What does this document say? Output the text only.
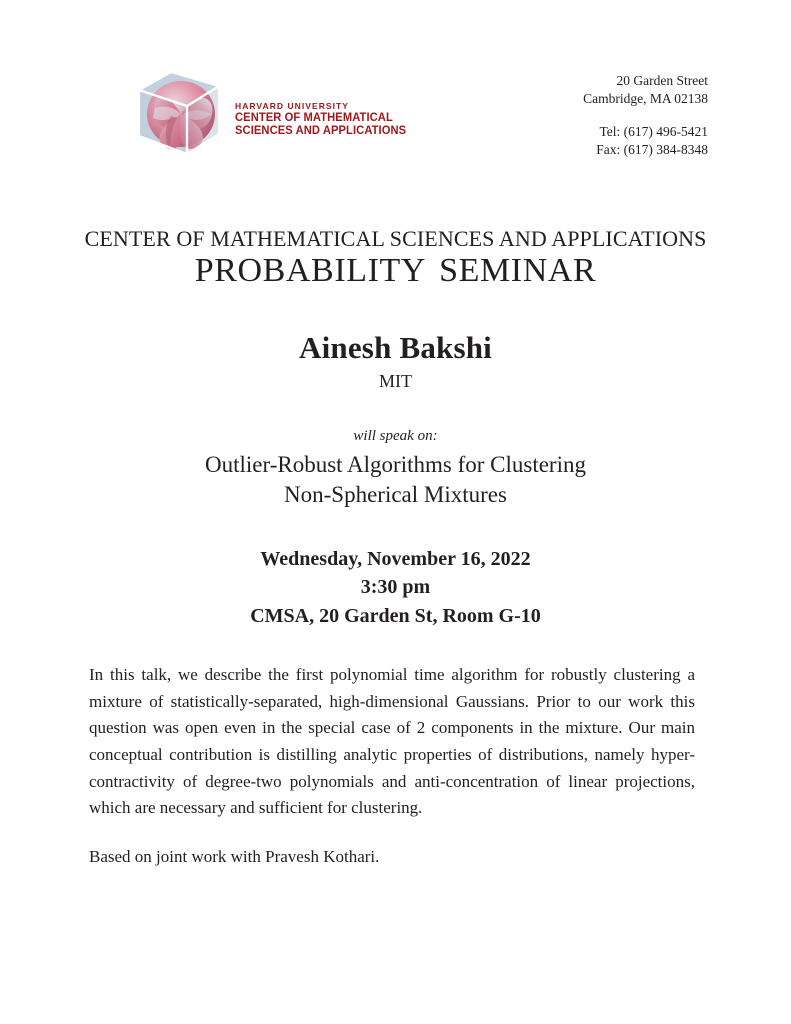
HARVARD UNIVERSITY
CENTER OF MATHEMATICAL
SCIENCES AND APPLICATIONS
20 Garden Street
Cambridge, MA 02138
Tel: (617) 496-5421
Fax: (617) 384-8348
CENTER OF MATHEMATICAL SCIENCES AND APPLICATIONS
PROBABILITY SEMINAR
Ainesh Bakshi
MIT
will speak on:
Outlier-Robust Algorithms for Clustering
Non-Spherical Mixtures
Wednesday, November 16, 2022
3:30 pm
CMSA, 20 Garden St, Room G-10

In this talk, we describe the first polynomial time algorithm for robustly clustering a mixture of statistically-separated, high-dimensional Gaussians. Prior to our work this question was open even in the special case of 2 components in the mixture. Our main conceptual contribution is distilling analytic properties of distributions, namely hyper-contractivity of degree-two polynomials and anti-concentration of linear projections, which are necessary and sufficient for clustering.

Based on joint work with Pravesh Kothari.
